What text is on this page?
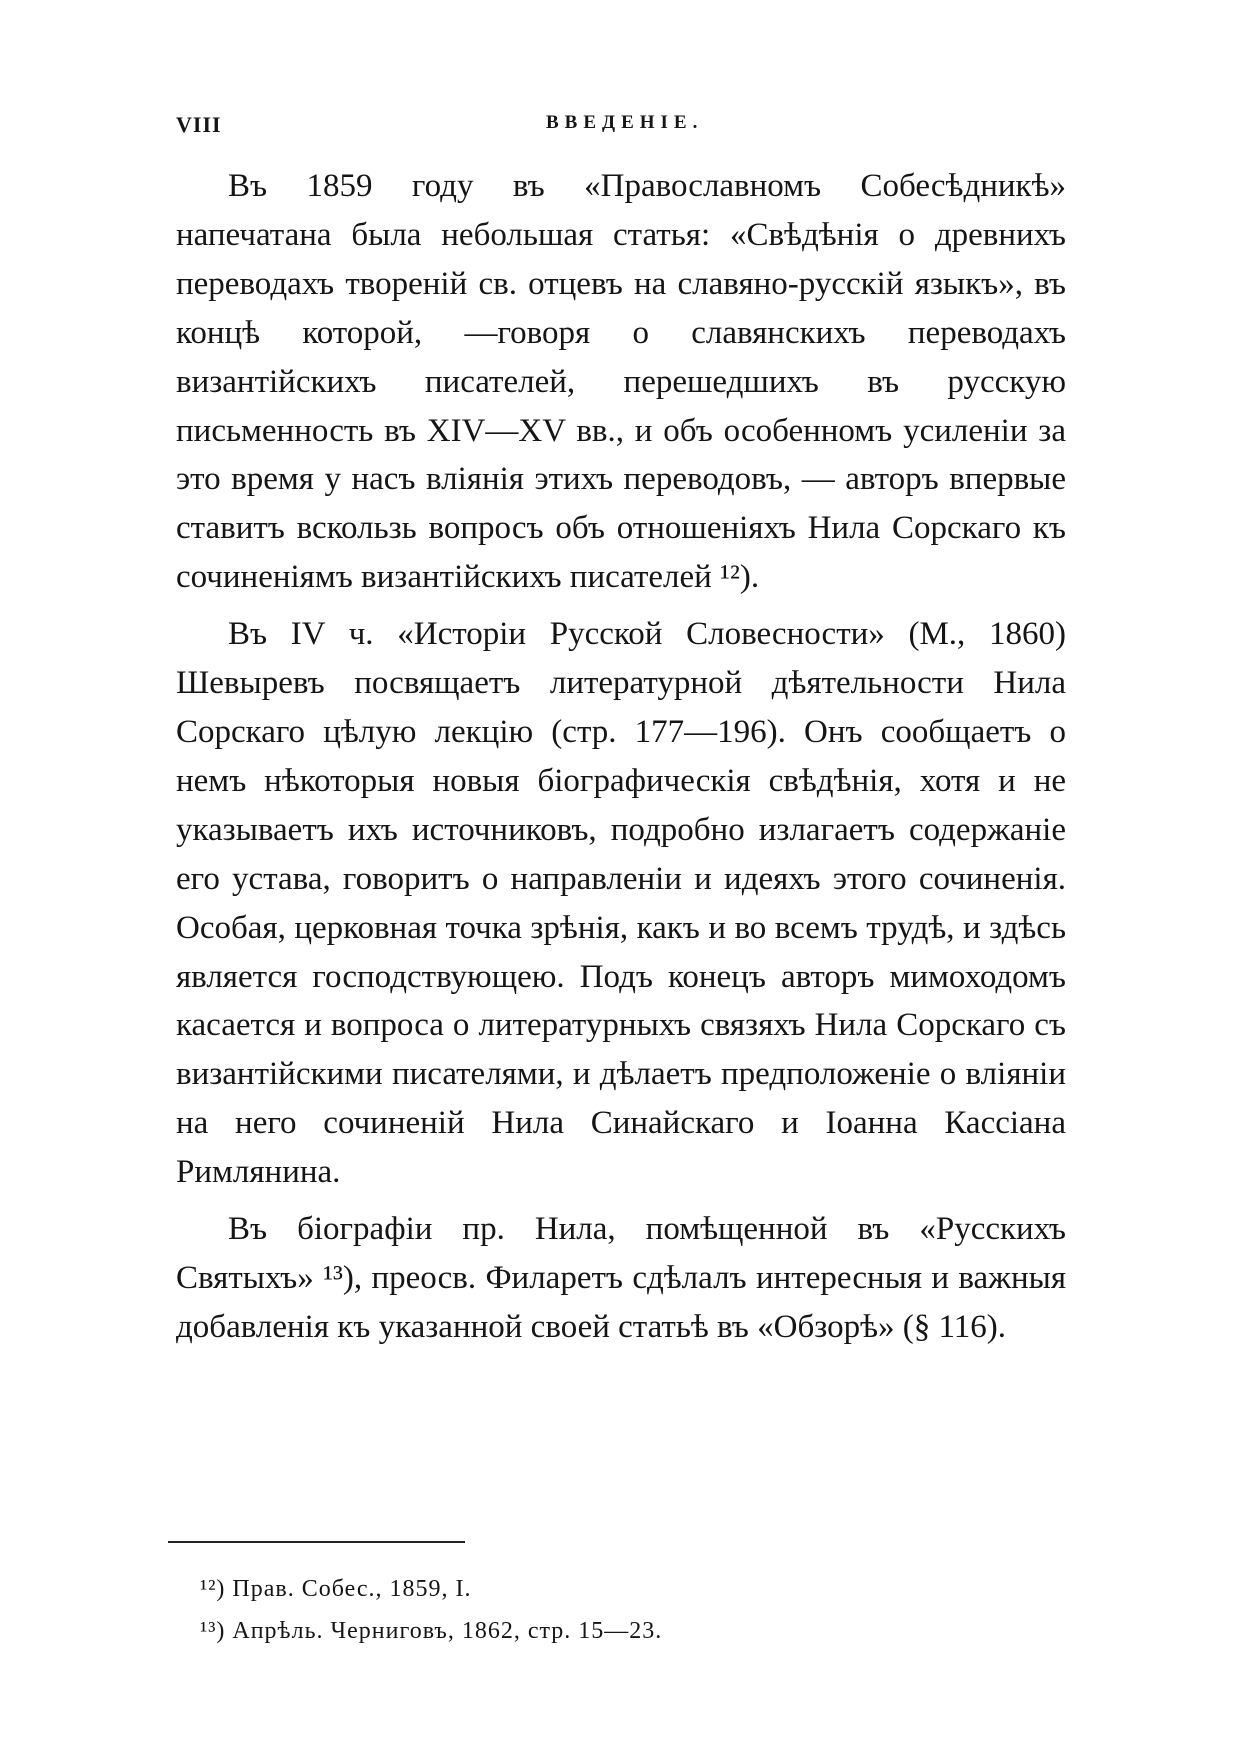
VIII	ВВЕДЕНІЕ.

Въ 1859 году въ «Православномъ Собесѣдникѣ» напечатана была небольшая статья: «Свѣдѣнія о древнихъ переводахъ твореній св. отцевъ на славяно-русскій языкъ», въ концѣ которой, —говоря о славянскихъ переводахъ византійскихъ писателей, перешедшихъ въ русскую письменность въ XIV—XV вв., и объ особенномъ усиленіи за это время у насъ вліянія этихъ переводовъ, — авторъ впервые ставитъ вскользь вопросъ объ отношеніяхъ Нила Сорскаго къ сочиненіямъ византійскихъ писателей ¹²).

Въ IV ч. «Исторіи Русской Словесности» (М., 1860) Шевыревъ посвящаетъ литературной дѣятельности Нила Сорскаго цѣлую лекцію (стр. 177—196). Онъ сообщаетъ о немъ нѣкоторыя новыя біографическія свѣдѣнія, хотя и не указываетъ ихъ источниковъ, подробно излагаетъ содержаніе его устава, говоритъ о направленіи и идеяхъ этого сочиненія. Особая, церковная точка зрѣнія, какъ и во всемъ трудѣ, и здѣсь является господствующею. Подъ конецъ авторъ мимоходомъ касается и вопроса о литературныхъ связяхъ Нила Сорскаго съ византійскими писателями, и дѣлаетъ предположеніе о вліяніи на него сочиненій Нила Синайскаго и Іоанна Кассіана Римлянина.

Въ біографіи пр. Нила, помѣщенной въ «Русскихъ Святыхъ» ¹³), преосв. Филаретъ сдѣлалъ интересныя и важныя добавленія къ указанной своей статьѣ въ «Обзорѣ» (§ 116).

¹²) Прав. Собес., 1859, I.
¹³) Апрѣль. Черниговъ, 1862, стр. 15—23.
